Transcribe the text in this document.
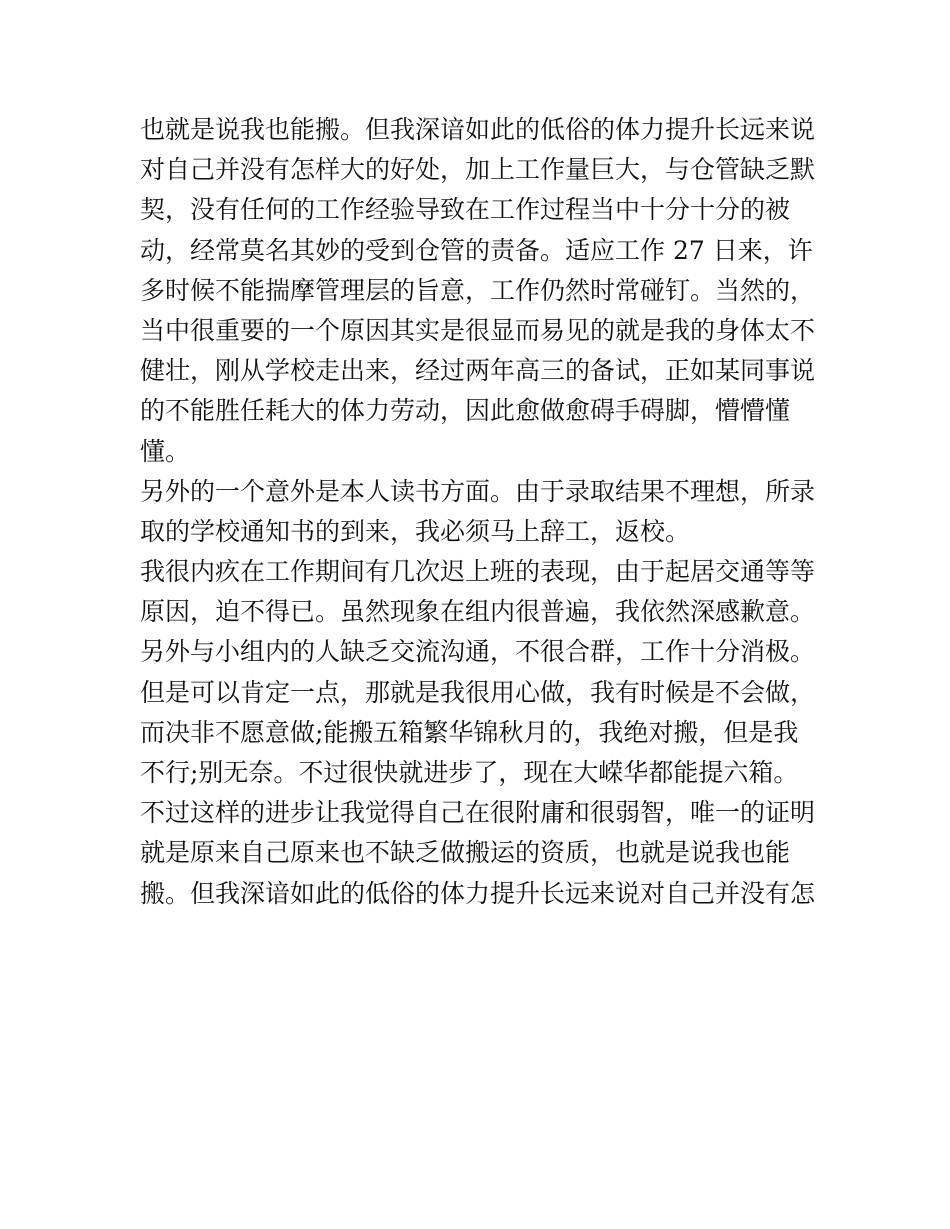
也就是说我也能搬。但我深谙如此的低俗的体力提升长远来说
对自己并没有怎样大的好处，加上工作量巨大，与仓管缺乏默
契，没有任何的工作经验导致在工作过程当中十分十分的被
动，经常莫名其妙的受到仓管的责备。适应工作 27 日来，许
多时候不能揣摩管理层的旨意，工作仍然时常碰钉。当然的，
当中很重要的一个原因其实是很显而易见的就是我的身体太不
健壮，刚从学校走出来，经过两年高三的备试，正如某同事说
的不能胜任耗大的体力劳动，因此愈做愈碍手碍脚，懵懵懂
懂。
另外的一个意外是本人读书方面。由于录取结果不理想，所录
取的学校通知书的到来，我必须马上辞工，返校。
我很内疚在工作期间有几次迟上班的表现，由于起居交通等等
原因，迫不得已。虽然现象在组内很普遍，我依然深感歉意。
另外与小组内的人缺乏交流沟通，不很合群，工作十分消极。
但是可以肯定一点，那就是我很用心做，我有时候是不会做，
而决非不愿意做;能搬五箱繁华锦秋月的，我绝对搬，但是我
不行;别无奈。不过很快就进步了，现在大嵘华都能提六箱。
不过这样的进步让我觉得自己在很附庸和很弱智，唯一的证明
就是原来自己原来也不缺乏做搬运的资质，也就是说我也能
搬。但我深谙如此的低俗的体力提升长远来说对自己并没有怎
